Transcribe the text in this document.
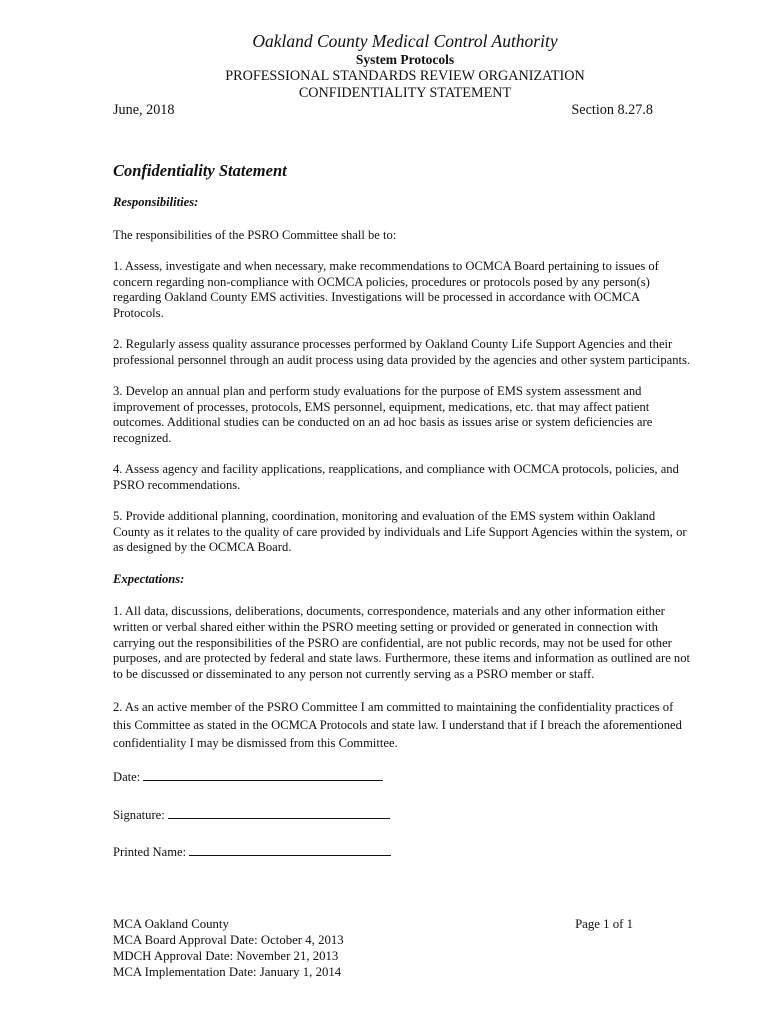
Oakland County Medical Control Authority
System Protocols
PROFESSIONAL STANDARDS REVIEW ORGANIZATION
CONFIDENTIALITY STATEMENT
June, 2018	Section 8.27.8
Confidentiality Statement
Responsibilities:

The responsibilities of the PSRO Committee shall be to:

1. Assess, investigate and when necessary, make recommendations to OCMCA Board pertaining to issues of concern regarding non-compliance with OCMCA policies, procedures or protocols posed by any person(s) regarding Oakland County EMS activities. Investigations will be processed in accordance with OCMCA Protocols.

2. Regularly assess quality assurance processes performed by Oakland County Life Support Agencies and their professional personnel through an audit process using data provided by the agencies and other system participants.

3. Develop an annual plan and perform study evaluations for the purpose of EMS system assessment and improvement of processes, protocols, EMS personnel, equipment, medications, etc. that may affect patient outcomes. Additional studies can be conducted on an ad hoc basis as issues arise or system deficiencies are recognized.

4. Assess agency and facility applications, reapplications, and compliance with OCMCA protocols, policies, and PSRO recommendations.

5. Provide additional planning, coordination, monitoring and evaluation of the EMS system within Oakland County as it relates to the quality of care provided by individuals and Life Support Agencies within the system, or as designed by the OCMCA Board.

Expectations:

1. All data, discussions, deliberations, documents, correspondence, materials and any other information either written or verbal shared either within the PSRO meeting setting or provided or generated in connection with carrying out the responsibilities of the PSRO are confidential, are not public records, may not be used for other purposes, and are protected by federal and state laws. Furthermore, these items and information as outlined are not to be discussed or disseminated to any person not currently serving as a PSRO member or staff.

2. As an active member of the PSRO Committee I am committed to maintaining the confidentiality practices of this Committee as stated in the OCMCA Protocols and state law. I understand that if I breach the aforementioned confidentiality I may be dismissed from this Committee.

Date:
Signature:
Printed Name:
MCA Oakland County
MCA Board Approval Date: October 4, 2013
MDCH Approval Date: November 21, 2013
MCA Implementation Date: January 1, 2014
Page 1 of 1
